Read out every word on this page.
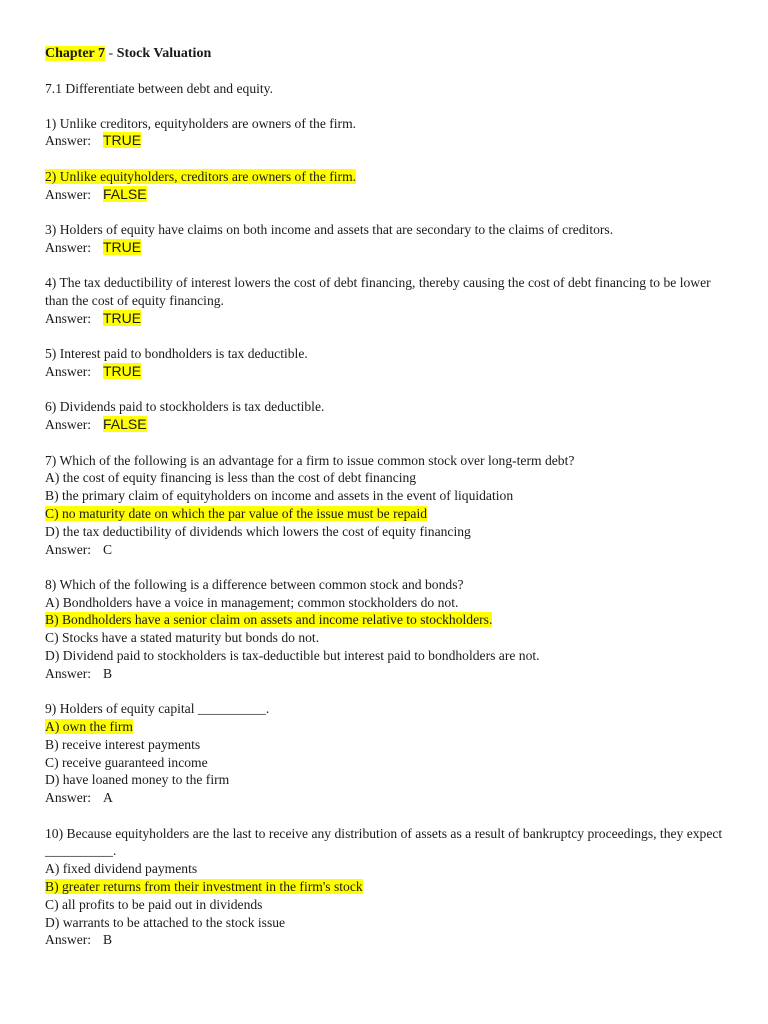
Chapter 7 - Stock Valuation
7.1 Differentiate between debt and equity.
1) Unlike creditors, equityholders are owners of the firm.
Answer: TRUE
2) Unlike equityholders, creditors are owners of the firm.
Answer: FALSE
3) Holders of equity have claims on both income and assets that are secondary to the claims of creditors.
Answer: TRUE
4) The tax deductibility of interest lowers the cost of debt financing, thereby causing the cost of debt financing to be lower than the cost of equity financing.
Answer: TRUE
5) Interest paid to bondholders is tax deductible.
Answer: TRUE
6) Dividends paid to stockholders is tax deductible.
Answer: FALSE
7) Which of the following is an advantage for a firm to issue common stock over long-term debt?
A) the cost of equity financing is less than the cost of debt financing
B) the primary claim of equityholders on income and assets in the event of liquidation
C) no maturity date on which the par value of the issue must be repaid
D) the tax deductibility of dividends which lowers the cost of equity financing
Answer: C
8) Which of the following is a difference between common stock and bonds?
A) Bondholders have a voice in management; common stockholders do not.
B) Bondholders have a senior claim on assets and income relative to stockholders.
C) Stocks have a stated maturity but bonds do not.
D) Dividend paid to stockholders is tax-deductible but interest paid to bondholders are not.
Answer: B
9) Holders of equity capital __________.
A) own the firm
B) receive interest payments
C) receive guaranteed income
D) have loaned money to the firm
Answer: A
10) Because equityholders are the last to receive any distribution of assets as a result of bankruptcy proceedings, they expect __________.
A) fixed dividend payments
B) greater returns from their investment in the firm's stock
C) all profits to be paid out in dividends
D) warrants to be attached to the stock issue
Answer: B
